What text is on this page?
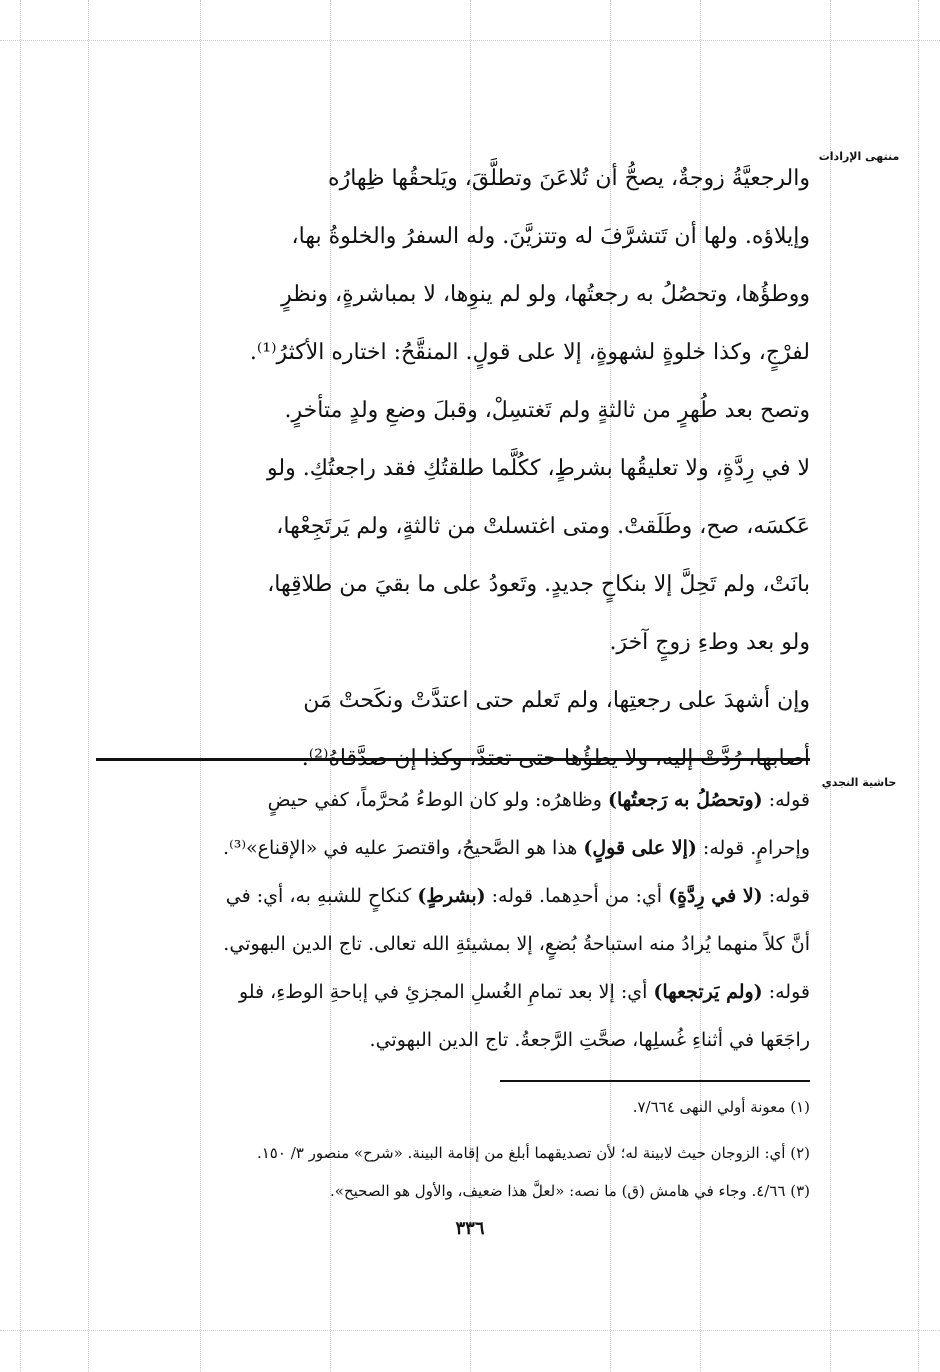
منتهى الإرادات
حاشية النجدي
والرجعيَّةُ زوجةٌ، يصحُّ أن تُلاعَنَ وتطلَّقَ، ويَلحقُها ظِهارُه
وإيلاؤه. ولها أن تَتشرَّفَ له وتتزيَّنَ. وله السفرُ والخلوةُ بها،
ووطؤُها، وتحصُلُ به رجعتُها، ولو لم ينوِها، لا بمباشرةٍ، ونظرٍ
لفرْجٍ، وكذا خلوةٍ لشهوةٍ، إلا على قولٍ. المنقَّحُ: اختاره الأكثرُ⁽¹⁾.
وتصح بعد طُهرٍ من ثالثةٍ ولم تَغتسِلْ، وقبلَ وضعِ ولدٍ متأخرٍ.
لا في رِدَّةٍ، ولا تعليقُها بشرطٍ، ككُلَّما طلقتُكِ فقد راجعتُكِ. ولو
عَكسَه، صح، وطَلَقتْ. ومتى اغتسلتْ من ثالثةٍ، ولم يَرتَجِعْها،
بانَتْ، ولم تَحِلَّ إلا بنكاحٍ جديدٍ. وتَعودُ على ما بقيَ من طلاقِها،
ولو بعد وطءِ زوجٍ آخرَ.
وإن أشهدَ على رجعتِها، ولم تَعلم حتى اعتدَّتْ ونكَحتْ مَن
أصابها، رُدَّتْ إليه، ولا يطؤُها حتى تعتدَّ، وكذا إن صدَّقاهُ⁽²⁾.
قوله: (وتحصُلُ به رَجعتُها) وظاهرُه: ولو كان الوطءُ مُحرَّماً، كفي حيضٍ
وإحرامٍ. قوله: (إلا على قولٍ) هذا هو الصَّحيحُ، واقتصرَ عليه في «الإقناع»⁽³⁾.
قوله: (لا في رِدَّةٍ) أي: من أحدِهما. قوله: (بشرطٍ) كنكاحٍ للشبهِ به، أي: في
أنَّ كلاً منهما يُرادُ منه استباحةُ بُضعٍ، إلا بمشيئةِ الله تعالى. تاج الدين البهوتي.
قوله: (ولم يَرتجعها) أي: إلا بعد تمامِ الغُسلِ المجزئِ في إباحةِ الوطءِ، فلو
راجَعَها في أثناءِ غُسلِها، صحَّتِ الرَّجعةُ. تاج الدين البهوتي.
(١) معونة أولي النهى ٧/٦٦٤.
(٢) أي: الزوجان حيث لابينة له؛ لأن تصديقهما أبلغ من إقامة البينة. «شرح» منصور ٣/ ١٥٠.
(٣) ٤/٦٦. وجاء في هامش (ق) ما نصه: «لعلَّ هذا ضعيف، والأول هو الصحيح».
٣٣٦
